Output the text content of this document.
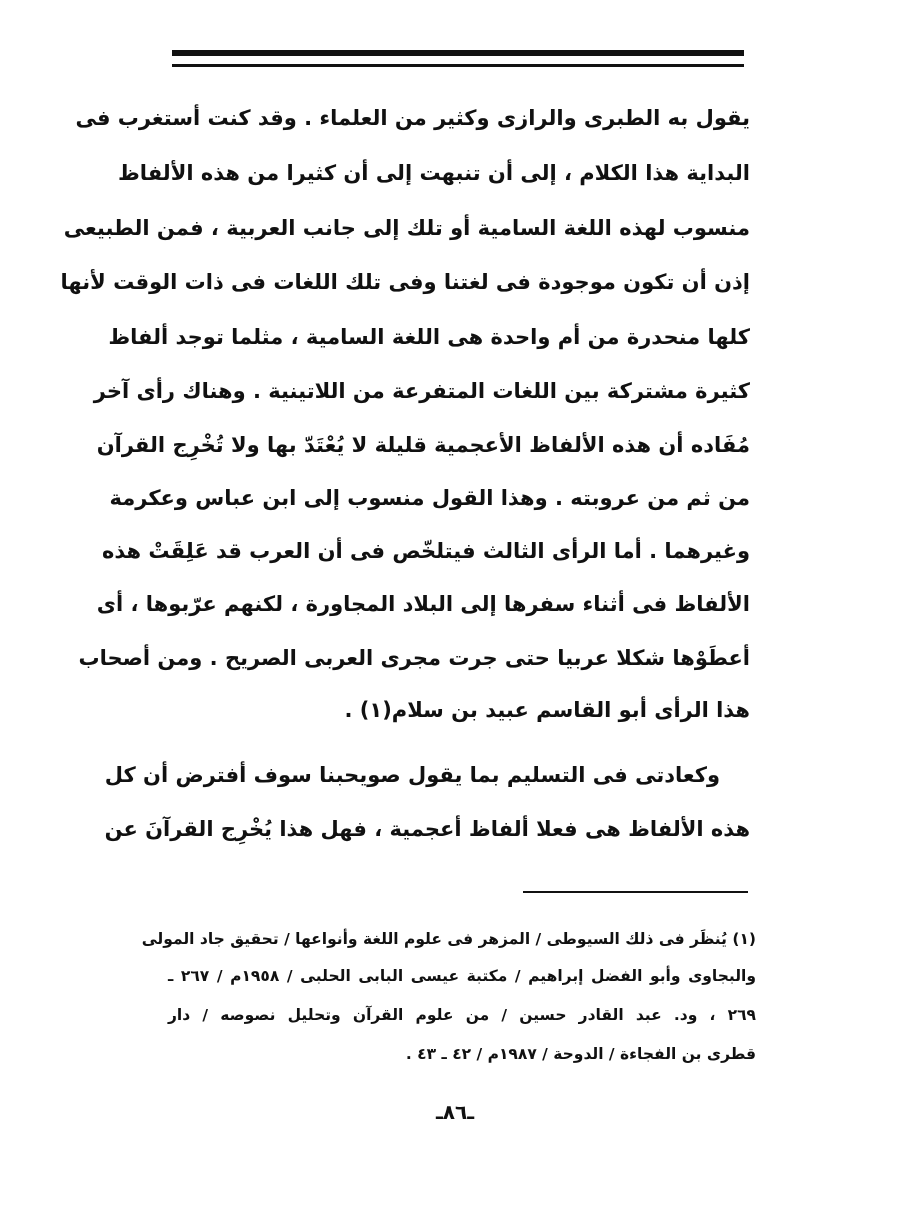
يقول به الطبرى والرازى وكثير من العلماء . وقد كنت أستغرب فى
البداية هذا الكلام ، إلى أن تنبهت إلى أن كثيرا من هذه الألفاظ
منسوب لهذه اللغة السامية أو تلك إلى جانب العربية ، فمن الطبيعى
إذن أن تكون موجودة فى لغتنا وفى تلك اللغات فى ذات الوقت لأنها
كلها منحدرة من أم واحدة هى اللغة السامية ، مثلما توجد ألفاظ
كثيرة مشتركة بين اللغات المتفرعة من اللاتينية . وهناك رأى آخر
مُفَاده أن هذه الألفاظ الأعجمية قليلة لا يُعْتَدّ بها ولا تُخْرِج القرآن
من ثم من عروبته . وهذا القول منسوب إلى ابن عباس وعكرمة
وغيرهما . أما الرأى الثالث فيتلخّص فى أن العرب قد عَلِقَتْ هذه
الألفاظ فى أثناء سفرها إلى البلاد المجاورة ، لكنهم عرّبوها ، أى
أعطَوْها شكلا عربيا حتى جرت مجرى العربى الصريح . ومن أصحاب
هذا الرأى أبو القاسم عبيد بن سلام(١) .
وكعادتى فى التسليم بما يقول صويحبنا سوف أفترض أن كل
هذه الألفاظ هى فعلا ألفاظ أعجمية ، فهل هذا يُخْرِج القرآنَ عن
(١) يُنظَر فى ذلك السيوطى / المزهر فى علوم اللغة وأنواعها / تحقيق جاد المولى
والبجاوى وأبو الفضل إبراهيم / مكتبة عيسى البابى الحلبى / ١٩٥٨م / ٢٦٧ ـ
٢٦٩ ، ود. عبد القادر حسين / من علوم القرآن وتحليل نصوصه / دار
قطرى بن الفجاءة / الدوحة / ١٩٨٧م / ٤٢ ـ ٤٣ .
ـ٨٦ـ
